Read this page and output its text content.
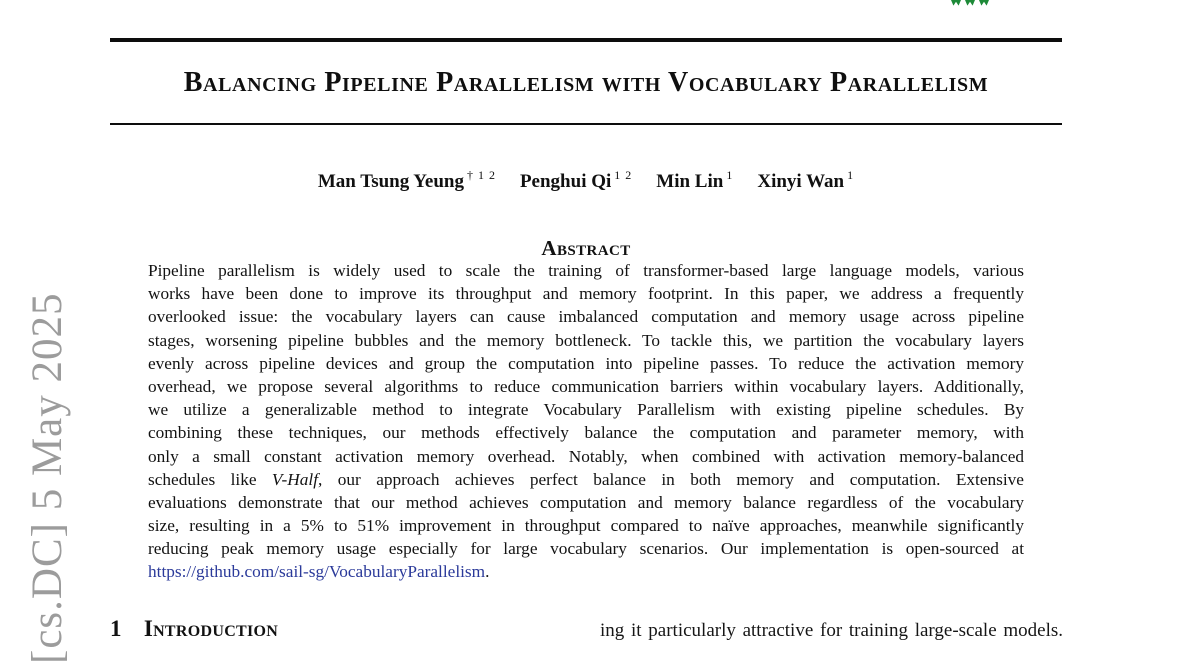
[cs.DC] 5 May 2025
Balancing Pipeline Parallelism with Vocabulary Parallelism
Man Tsung Yeung $^{\dagger 1 2}$ Penghui Qi $^{1 2}$ Min Lin $^1$ Xinyi Wan $^1$
Abstract
Pipeline parallelism is widely used to scale the training of transformer-based large language models, various
works have been done to improve its throughput and memory footprint. In this paper, we address a frequently
overlooked issue: the vocabulary layers can cause imbalanced computation and memory usage across pipeline
stages, worsening pipeline bubbles and the memory bottleneck. To tackle this, we partition the vocabulary layers
evenly across pipeline devices and group the computation into pipeline passes. To reduce the activation memory
overhead, we propose several algorithms to reduce communication barriers within vocabulary layers. Additionally,
we utilize a generalizable method to integrate Vocabulary Parallelism with existing pipeline schedules. By
combining these techniques, our methods effectively balance the computation and parameter memory, with
only a small constant activation memory overhead. Notably, when combined with activation memory-balanced
schedules like V-Half, our approach achieves perfect balance in both memory and computation. Extensive
evaluations demonstrate that our method achieves computation and memory balance regardless of the vocabulary
size, resulting in a 5% to 51% improvement in throughput compared to naïve approaches, meanwhile significantly
reducing peak memory usage especially for large vocabulary scenarios. Our implementation is open-sourced at
https://github.com/sail-sg/VocabularyParallelism.
1 Introduction	ing it particularly attractive for training large-scale models.
